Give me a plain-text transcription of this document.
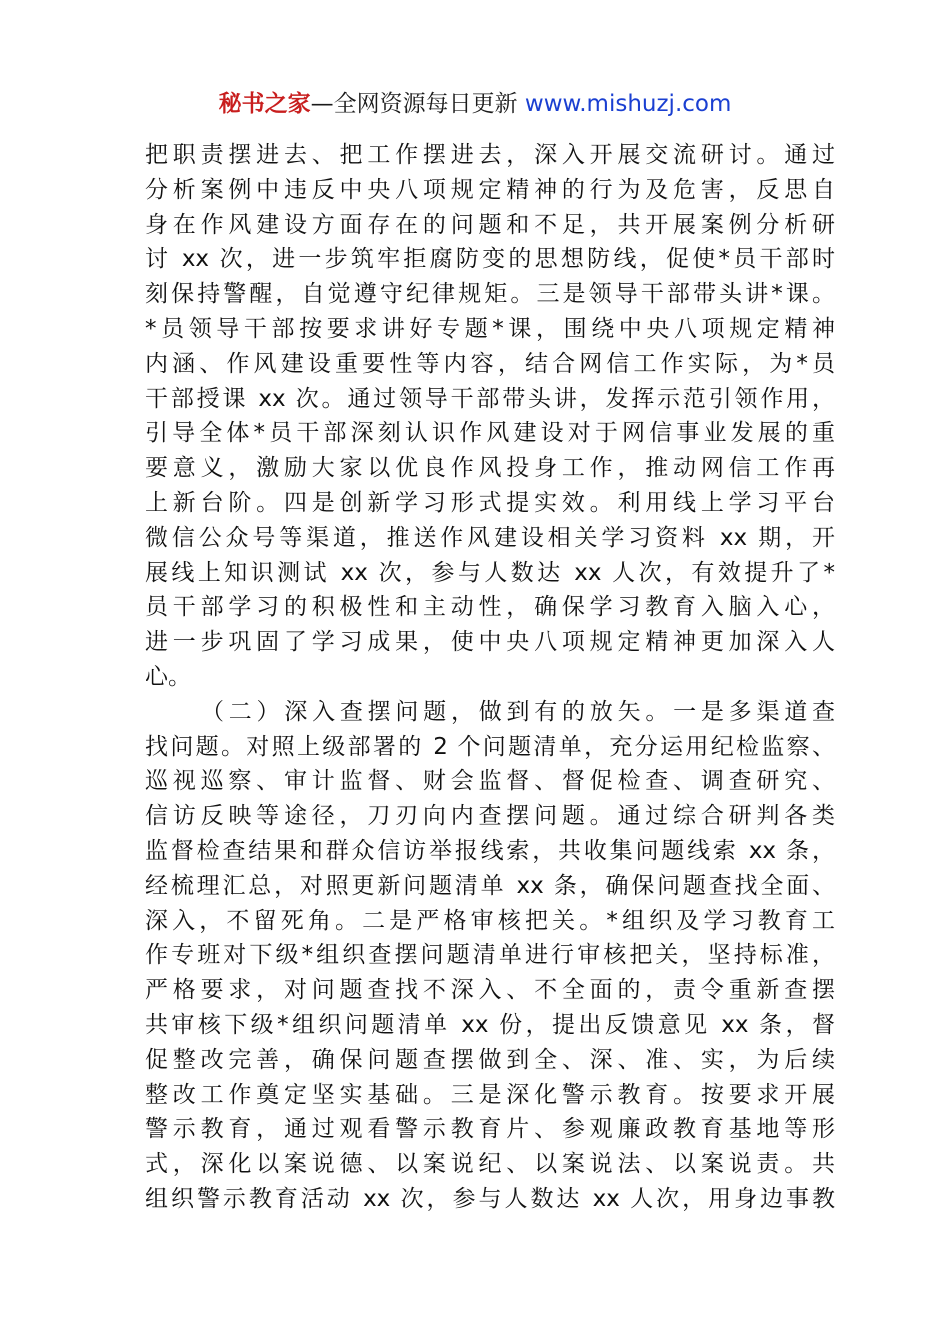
秘书之家—全网资源每日更新 www.mishuzj.com
把职责摆进去、把工作摆进去，深入开展交流研讨。通过
分析案例中违反中央八项规定精神的行为及危害，反思自
身在作风建设方面存在的问题和不足，共开展案例分析研
讨 xx 次，进一步筑牢拒腐防变的思想防线，促使*员干部时
刻保持警醒，自觉遵守纪律规矩。三是领导干部带头讲*课。
*员领导干部按要求讲好专题*课，围绕中央八项规定精神
内涵、作风建设重要性等内容，结合网信工作实际，为*员
干部授课 xx 次。通过领导干部带头讲，发挥示范引领作用，
引导全体*员干部深刻认识作风建设对于网信事业发展的重
要意义，激励大家以优良作风投身工作，推动网信工作再
上新台阶。四是创新学习形式提实效。利用线上学习平台
微信公众号等渠道，推送作风建设相关学习资料 xx 期，开
展线上知识测试 xx 次，参与人数达 xx 人次，有效提升了*
员干部学习的积极性和主动性，确保学习教育入脑入心，
进一步巩固了学习成果，使中央八项规定精神更加深入人
心。
（二）深入查摆问题，做到有的放矢。一是多渠道查
找问题。对照上级部署的 2 个问题清单，充分运用纪检监察、
巡视巡察、审计监督、财会监督、督促检查、调查研究、
信访反映等途径，刀刃向内查摆问题。通过综合研判各类
监督检查结果和群众信访举报线索，共收集问题线索 xx 条，
经梳理汇总，对照更新问题清单 xx 条，确保问题查找全面、
深入，不留死角。二是严格审核把关。*组织及学习教育工
作专班对下级*组织查摆问题清单进行审核把关，坚持标准，
严格要求，对问题查找不深入、不全面的，责令重新查摆
共审核下级*组织问题清单 xx 份，提出反馈意见 xx 条，督
促整改完善，确保问题查摆做到全、深、准、实，为后续
整改工作奠定坚实基础。三是深化警示教育。按要求开展
警示教育，通过观看警示教育片、参观廉政教育基地等形
式，深化以案说德、以案说纪、以案说法、以案说责。共
组织警示教育活动 xx 次，参与人数达 xx 人次，用身边事教
